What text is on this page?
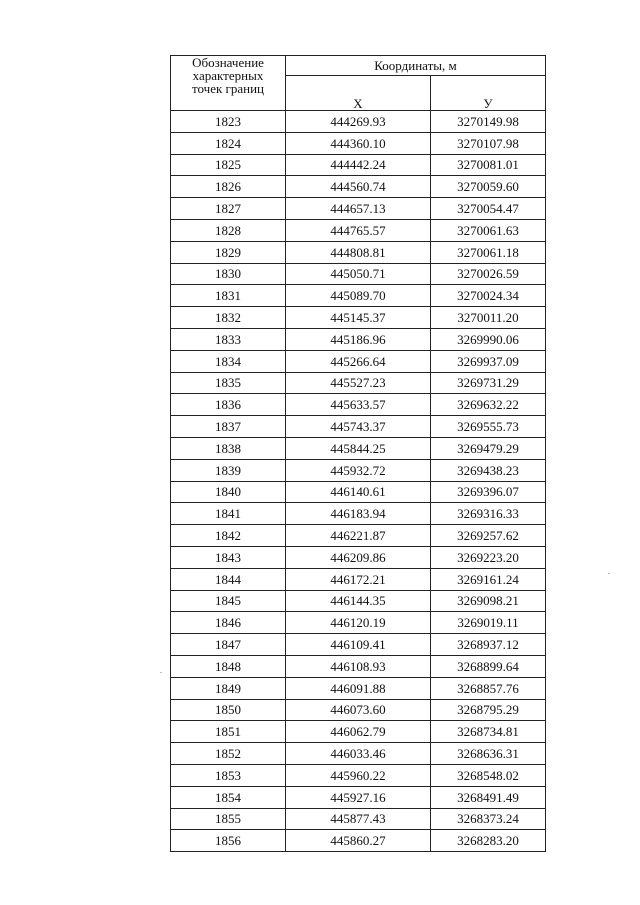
Обозначение
характерных
точек границ	Координаты, м	
	X	У
1823	444269.93	3270149.98
1824	444360.10	3270107.98
1825	444442.24	3270081.01
1826	444560.74	3270059.60
1827	444657.13	3270054.47
1828	444765.57	3270061.63
1829	444808.81	3270061.18
1830	445050.71	3270026.59
1831	445089.70	3270024.34
1832	445145.37	3270011.20
1833	445186.96	3269990.06
1834	445266.64	3269937.09
1835	445527.23	3269731.29
1836	445633.57	3269632.22
1837	445743.37	3269555.73
1838	445844.25	3269479.29
1839	445932.72	3269438.23
1840	446140.61	3269396.07
1841	446183.94	3269316.33
1842	446221.87	3269257.62
1843	446209.86	3269223.20
1844	446172.21	3269161.24
1845	446144.35	3269098.21
1846	446120.19	3269019.11
1847	446109.41	3268937.12
1848	446108.93	3268899.64
1849	446091.88	3268857.76
1850	446073.60	3268795.29
1851	446062.79	3268734.81
1852	446033.46	3268636.31
1853	445960.22	3268548.02
1854	445927.16	3268491.49
1855	445877.43	3268373.24
1856	445860.27	3268283.20
